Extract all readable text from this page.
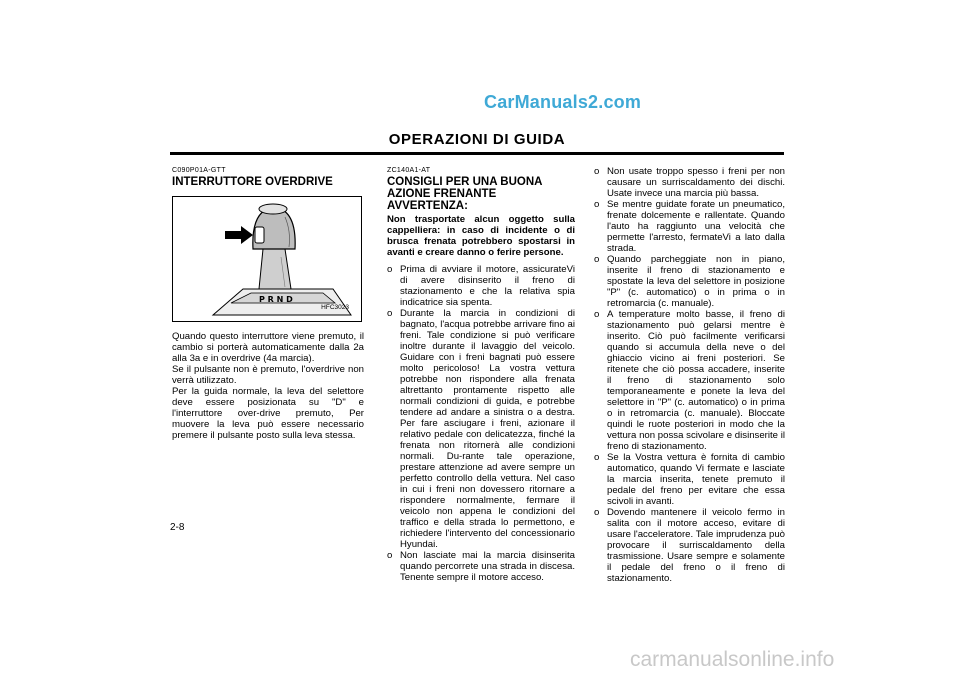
CarManuals2.com
OPERAZIONI DI GUIDA
C090P01A-GTT
INTERRUTTORE OVERDRIVE
P R N D
HFC3023
Quando questo interruttore viene premuto, il cambio si porterà automaticamente dalla 2a alla 3a e in overdrive (4a marcia).
Se il pulsante non è premuto, l'overdrive non verrà utilizzato.
Per la guida normale, la leva del selettore deve essere posizionata su "D" e l'interruttore over-drive premuto, Per muovere la leva può essere necessario premere il pulsante posto sulla leva stessa.
ZC140A1-AT
CONSIGLI PER UNA BUONA AZIONE FRENANTE
AVVERTENZA:
Non trasportate alcun oggetto sulla cappelliera: in caso di incidente o di brusca frenata potrebbero spostarsi in avanti e creare danno o ferire persone.
o Prima di avviare il motore, assicurateVi di avere disinserito il freno di stazionamento e che la relativa spia indicatrice sia spenta.
o Durante la marcia in condizioni di bagnato, l'acqua potrebbe arrivare fino ai freni. Tale condizione si può verificare inoltre durante il lavaggio del veicolo. Guidare con i freni bagnati può essere molto pericoloso! La vostra vettura potrebbe non rispondere alla frenata altrettanto prontamente rispetto alle normali condizioni di guida, e potrebbe tendere ad andare a sinistra o a destra. Per fare asciugare i freni, azionare il relativo pedale con delicatezza, finché la frenata non ritornerà alle condizioni normali. Du-rante tale operazione, prestare attenzione ad avere sempre un perfetto controllo della vettura. Nel caso in cui i freni non dovessero ritornare a rispondere normalmente, fermare il veicolo non appena le condizioni del traffico e della strada lo permettono, e richiedere l'intervento del concessionario Hyundai.
o Non lasciate mai la marcia disinserita quando percorrete una strada in discesa. Tenente sempre il motore acceso.
o Non usate troppo spesso i freni per non causare un surriscaldamento dei dischi. Usate invece una marcia più bassa.
o Se mentre guidate forate un pneumatico, frenate dolcemente e rallentate. Quando l'auto ha raggiunto una velocità che permette l'arresto, fermateVi a lato dalla strada.
o Quando parcheggiate non in piano, inserite il freno di stazionamento e spostate la leva del selettore in posizione "P" (c. automatico) o in prima o in retromarcia (c. manuale).
o A temperature molto basse, il freno di stazionamento può gelarsi mentre è inserito. Ciò può facilmente verificarsi quando si accumula della neve o del ghiaccio vicino ai freni posteriori. Se ritenete che ciò possa accadere, inserite il freno di stazionamento solo temporaneamente e ponete la leva del selettore in "P" (c. automatico) o in prima o in retromarcia (c. manuale). Bloccate quindi le ruote posteriori in modo che la vettura non possa scivolare e disinserite il freno di stazionamento.
o Se la Vostra vettura è fornita di cambio automatico, quando Vi fermate e lasciate la marcia inserita, tenete premuto il pedale del freno per evitare che essa scivoli in avanti.
o Dovendo mantenere il veicolo fermo in salita con il motore acceso, evitare di usare l'acceleratore. Tale imprudenza può provocare il surriscaldamento della trasmissione. Usare sempre e solamente il pedale del freno o il freno di stazionamento.
2-8
carmanualsonline.info
